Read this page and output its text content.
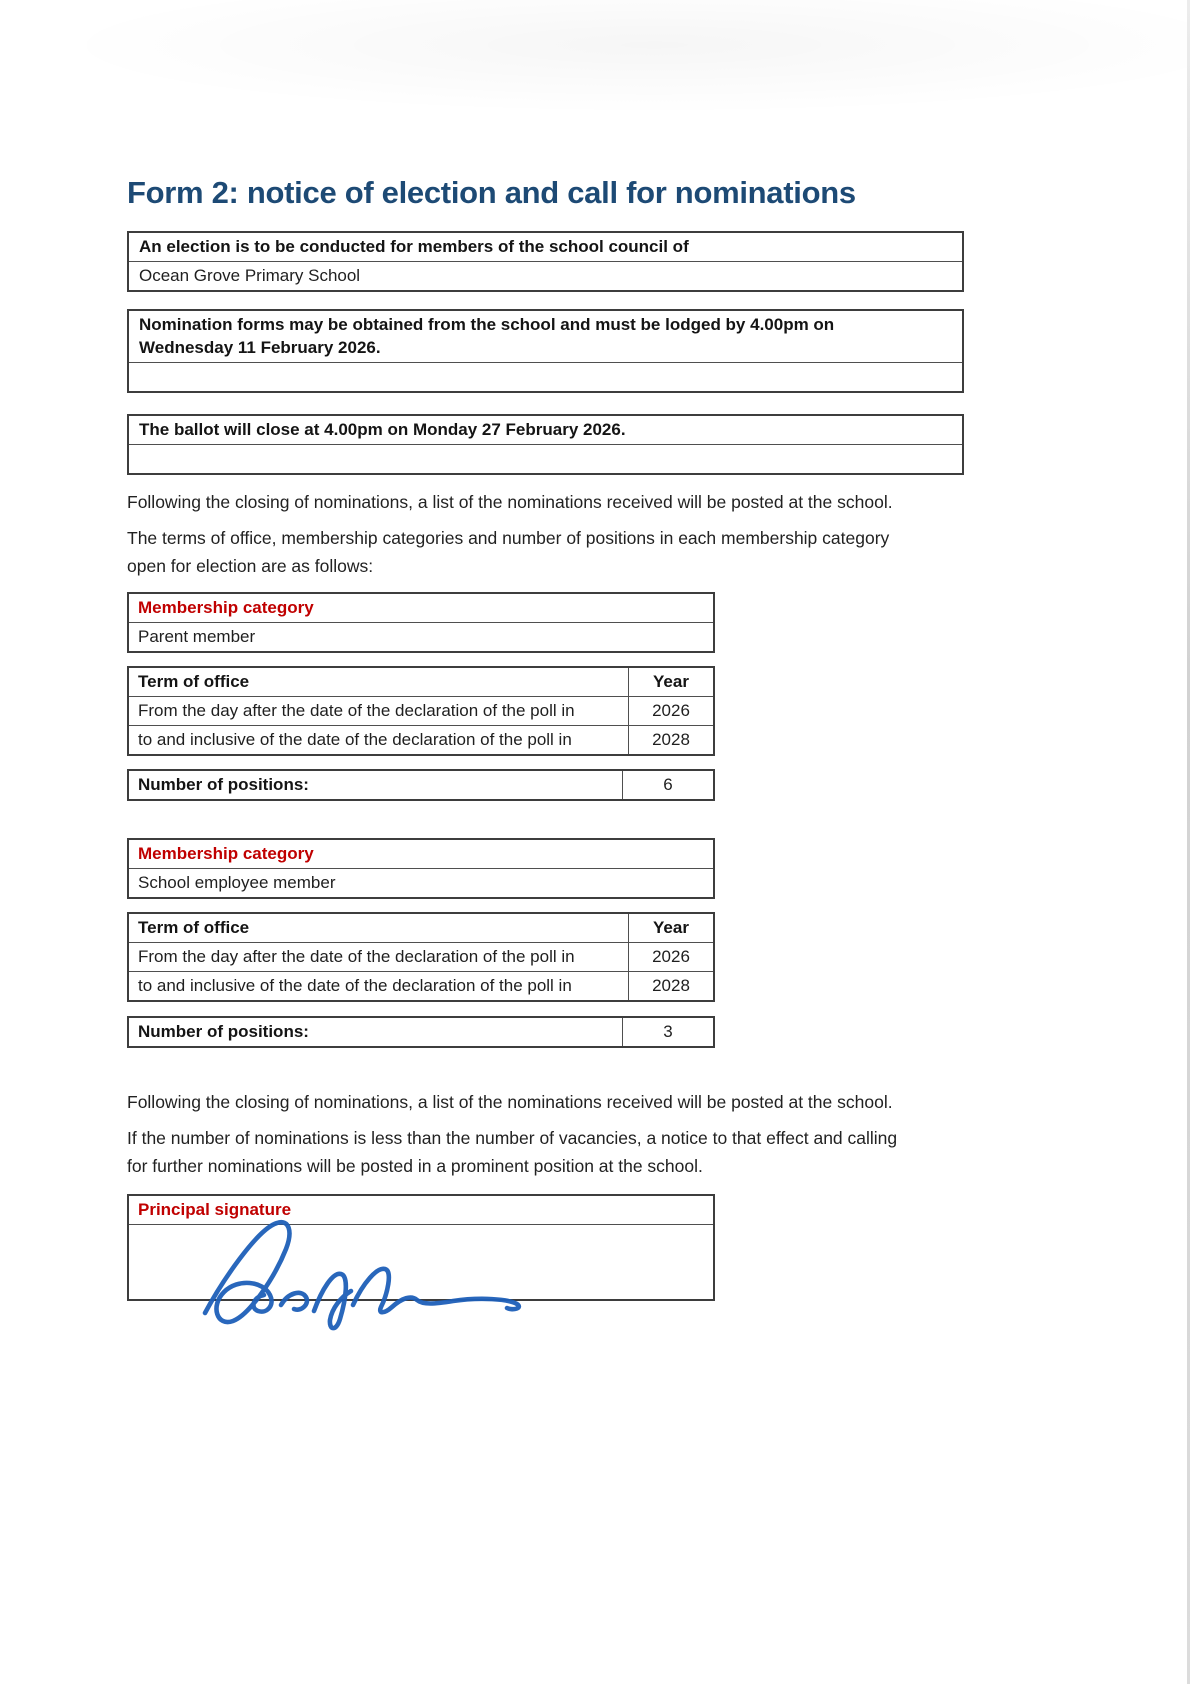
Form 2: notice of election and call for nominations
An election is to be conducted for members of the school council of
Ocean Grove Primary School
Nomination forms may be obtained from the school and must be lodged by 4.00pm on
Wednesday 11 February 2026.
The ballot will close at 4.00pm on Monday 27 February 2026.

Following the closing of nominations, a list of the nominations received will be posted at the school.

The terms of office, membership categories and number of positions in each membership category
open for election are as follows:

Membership category
Parent member
Term of office	Year
From the day after the date of the declaration of the poll in	2026
to and inclusive of the date of the declaration of the poll in	2028
Number of positions:	6
Membership category
School employee member
Term of office	Year
From the day after the date of the declaration of the poll in	2026
to and inclusive of the date of the declaration of the poll in	2028
Number of positions:	3

Following the closing of nominations, a list of the nominations received will be posted at the school.

If the number of nominations is less than the number of vacancies, a notice to that effect and calling
for further nominations will be posted in a prominent position at the school.

Principal signature
